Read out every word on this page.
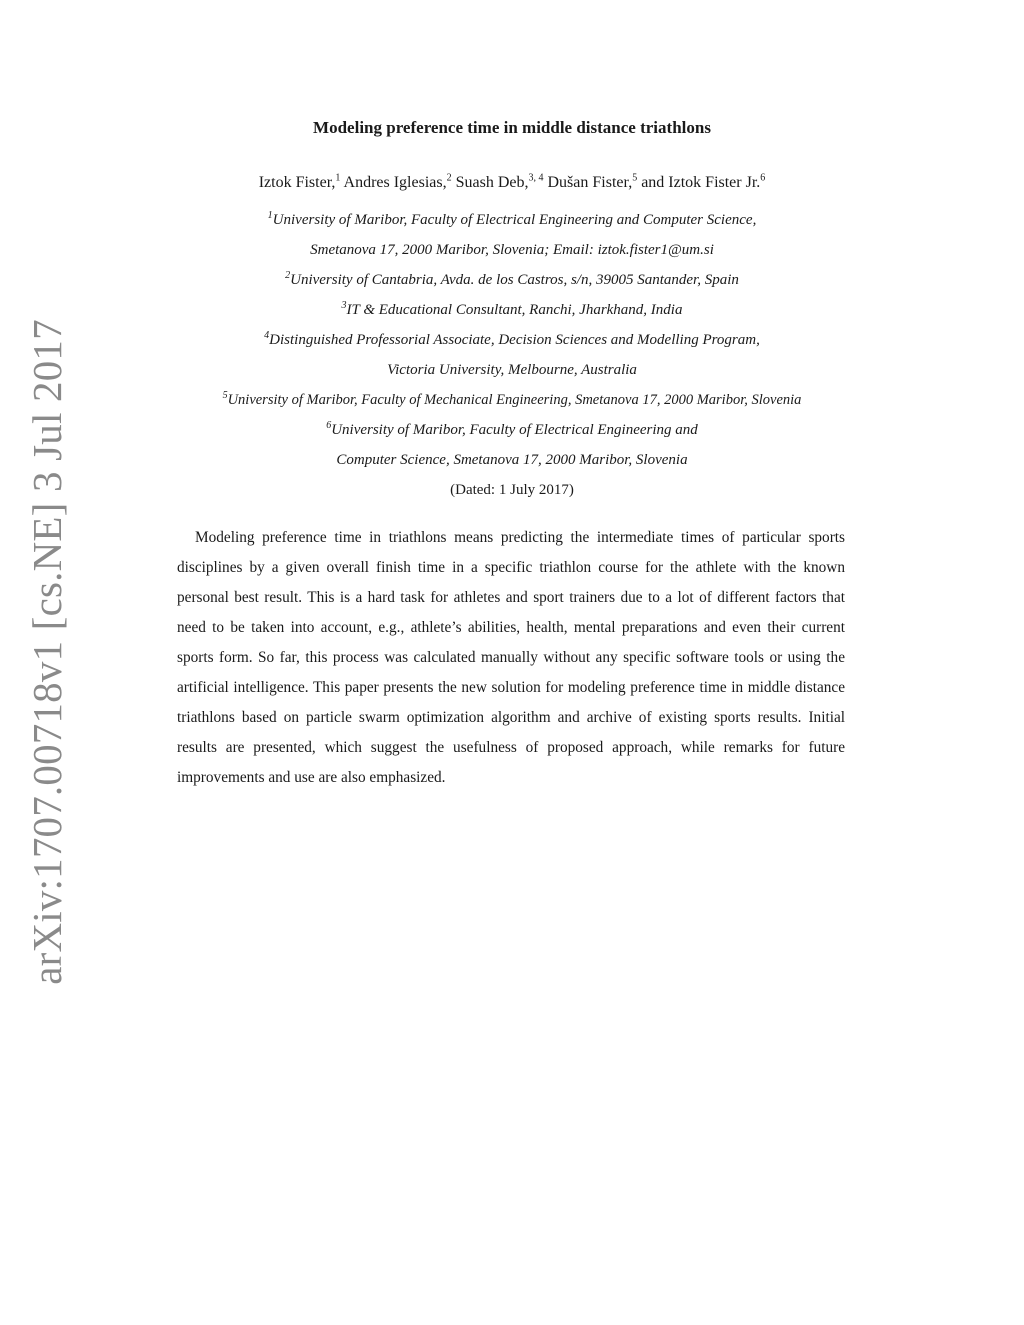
arXiv:1707.00718v1 [cs.NE] 3 Jul 2017
Modeling preference time in middle distance triathlons
Iztok Fister,$^1$ Andres Iglesias,$^2$ Suash Deb,$^{3, 4}$ Dušan Fister,$^5$ and Iztok Fister Jr.$^6$
$^1$University of Maribor, Faculty of Electrical Engineering and Computer Science,
Smetanova 17, 2000 Maribor, Slovenia; Email: iztok.fister1@um.si
$^2$University of Cantabria, Avda. de los Castros, s/n, 39005 Santander, Spain
$^3$IT & Educational Consultant, Ranchi, Jharkhand, India
$^4$Distinguished Professorial Associate, Decision Sciences and Modelling Program,
Victoria University, Melbourne, Australia
$^5$University of Maribor, Faculty of Mechanical Engineering, Smetanova 17, 2000 Maribor, Slovenia
$^6$University of Maribor, Faculty of Electrical Engineering and
Computer Science, Smetanova 17, 2000 Maribor, Slovenia
(Dated: 1 July 2017)

Modeling preference time in triathlons means predicting the intermediate times of particular sports disciplines by a given overall finish time in a specific triathlon course for the athlete with the known personal best result. This is a hard task for athletes and sport trainers due to a lot of different factors that need to be taken into account, e.g., athlete’s abilities, health, mental preparations and even their current sports form. So far, this process was calculated manually without any specific software tools or using the artificial intelligence. This paper presents the new solution for modeling preference time in middle distance triathlons based on particle swarm optimization algorithm and archive of existing sports results. Initial results are presented, which suggest the usefulness of proposed approach, while remarks for future improvements and use are also emphasized.
